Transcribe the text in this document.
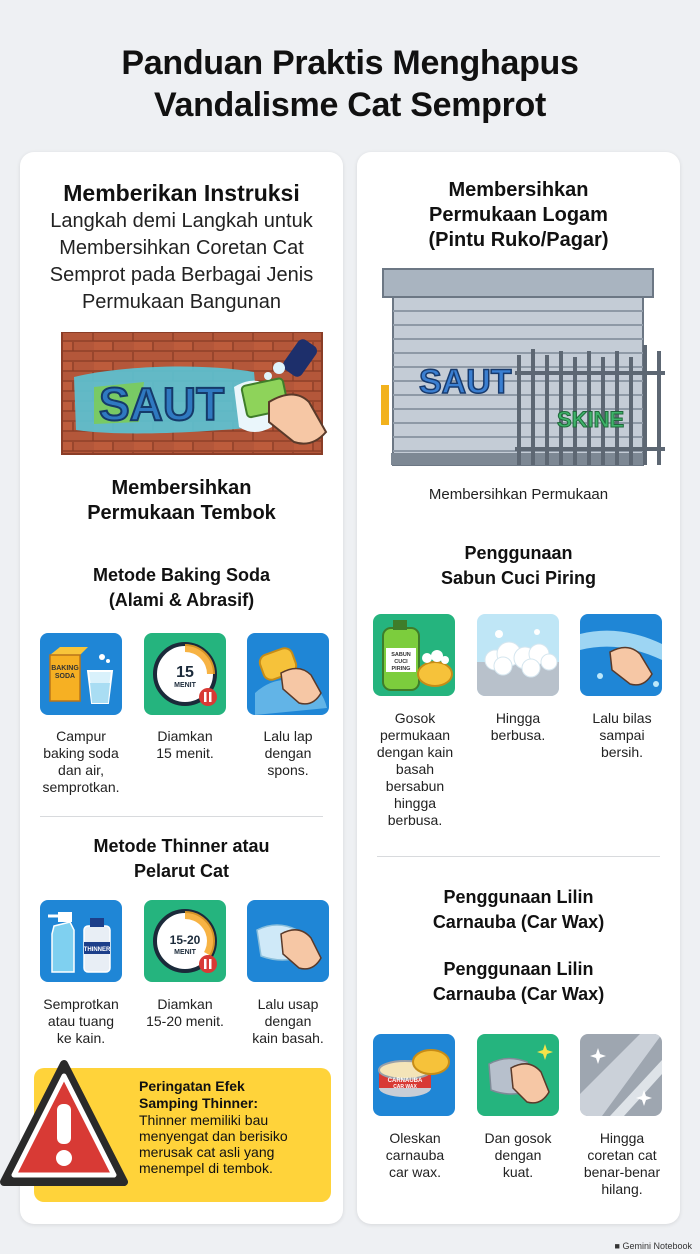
Panduan Praktis Menghapus
Vandalisme Cat Semprot
Memberikan Instruksi
Langkah demi Langkah untuk
Membersihkan Coretan Cat
Semprot pada Berbagai Jenis
Permukaan Bangunan
SAUT
Membersihkan
Permukaan Tembok
Metode Baking Soda
(Alami & Abrasif)
BAKING
SODA	15
MENIT
Campur
baking soda
dan air,
semprotkan.
Diamkan
15 menit.
Lalu lap
dengan
spons.
Metode Thinner atau
Pelarut Cat
THINNER
15-20
MENIT
Semprotkan
atau tuang
ke kain.
Diamkan
15-20 menit.
Lalu usap
dengan
kain basah.
Peringatan Efek
Samping Thinner:
Thinner memiliki bau
menyengat dan berisiko
merusak cat asli yang
menempel di tembok.
Membersihkan
Permukaan Logam
(Pintu Ruko/Pagar)
SAUT
SKINE
Membersihkan Permukaan
Penggunaan
Sabun Cuci Piring
SABUN
CUCI
PIRING
Gosok
permukaan
dengan kain
basah
bersabun
hingga
berbusa.
Hingga
berbusa.
Lalu bilas
sampai
bersih.
Penggunaan Lilin
Carnauba (Car Wax)
Penggunaan Lilin
Carnauba (Car Wax)
CARNAUBA
CAR WAX
Oleskan
carnauba
car wax.
Dan gosok
dengan
kuat.
Hingga
coretan cat
benar-benar
hilang.
■ Gemini Notebook
